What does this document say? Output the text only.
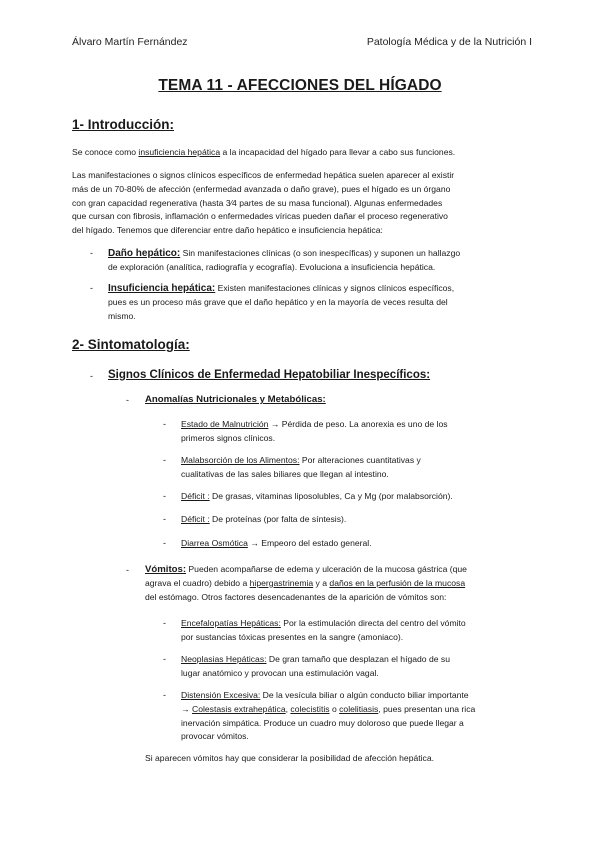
Álvaro Martín Fernández	Patología Médica y de la Nutrición I
TEMA 11 - AFECCIONES DEL HÍGADO
1- Introducción:
Se conoce como insuficiencia hepática a la incapacidad del hígado para llevar a cabo sus funciones.
Las manifestaciones o signos clínicos específicos de enfermedad hepática suelen aparecer al existir
más de un 70-80% de afección (enfermedad avanzada o daño grave), pues el hígado es un órgano
con gran capacidad regenerativa (hasta 3⁄4 partes de su masa funcional). Algunas enfermedades
que cursan con fibrosis, inflamación o enfermedades víricas pueden dañar el proceso regenerativo
del hígado. Tenemos que diferenciar entre daño hepático e insuficiencia hepática:
- Daño hepático: Sin manifestaciones clínicas (o son inespecíficas) y suponen un hallazgo
de exploración (analítica, radiografía y ecografía). Evoluciona a insuficiencia hepática.
- Insuficiencia hepática: Existen manifestaciones clínicas y signos clínicos específicos,
pues es un proceso más grave que el daño hepático y en la mayoría de veces resulta del
mismo.
2- Sintomatología:
- Signos Clínicos de Enfermedad Hepatobiliar Inespecíficos:
- Anomalías Nutricionales y Metabólicas:
- Estado de Malnutrición → Pérdida de peso. La anorexia es uno de los
primeros signos clínicos.
- Malabsorción de los Alimentos: Por alteraciones cuantitativas y
cualitativas de las sales biliares que llegan al intestino.
- Déficit : De grasas, vitaminas liposolubles, Ca y Mg (por malabsorción).
- Déficit : De proteínas (por falta de síntesis).
- Diarrea Osmótica → Empeoro del estado general.
- Vómitos: Pueden acompañarse de edema y ulceración de la mucosa gástrica (que
agrava el cuadro) debido a hipergastrinemia y a daños en la perfusión de la mucosa
del estómago. Otros factores desencadenantes de la aparición de vómitos son:
- Encefalopatías Hepáticas: Por la estimulación directa del centro del vómito
por sustancias tóxicas presentes en la sangre (amoniaco).
- Neoplasias Hepáticas: De gran tamaño que desplazan el hígado de su
lugar anatómico y provocan una estimulación vagal.
- Distensión Excesiva: De la vesícula biliar o algún conducto biliar importante
→ Colestasis extrahepática, colecistitis o colelitiasis, pues presentan una rica
inervación simpática. Produce un cuadro muy doloroso que puede llegar a
provocar vómitos.
Si aparecen vómitos hay que considerar la posibilidad de afección hepática.
